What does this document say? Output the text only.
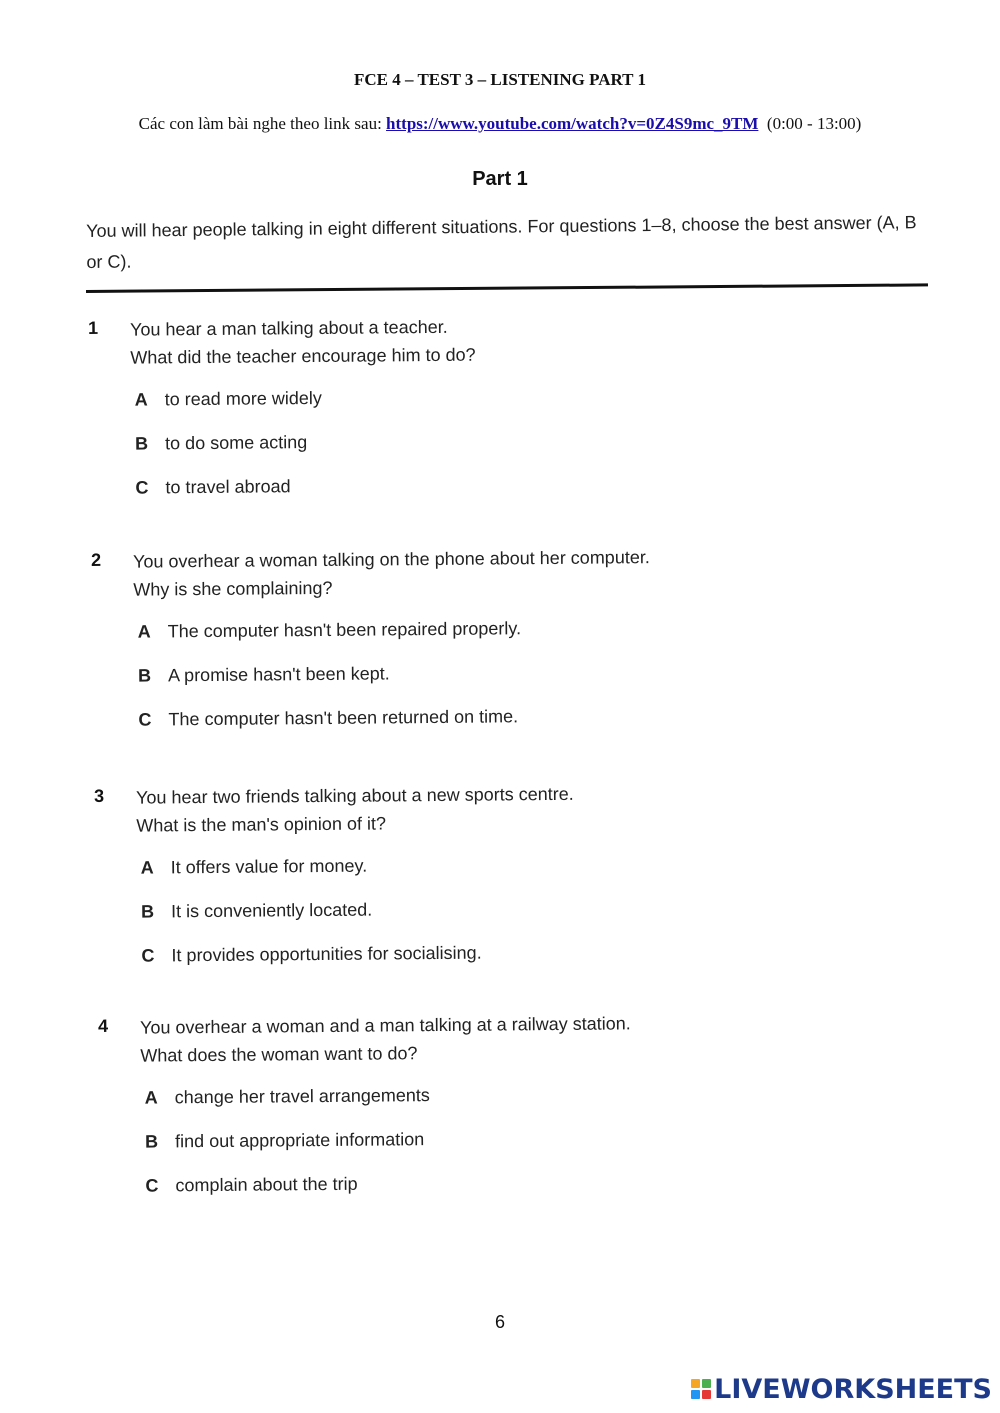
FCE 4 – TEST 3 – LISTENING PART 1
Các con làm bài nghe theo link sau: https://www.youtube.com/watch?v=0Z4S9mc_9TM (0:00 - 13:00)
Part 1
You will hear people talking in eight different situations. For questions 1–8, choose the best answer (A, B or C).
1 You hear a man talking about a teacher.
What did the teacher encourage him to do?
A to read more widely
B to do some acting
C to travel abroad
2 You overhear a woman talking on the phone about her computer.
Why is she complaining?
A The computer hasn't been repaired properly.
B A promise hasn't been kept.
C The computer hasn't been returned on time.
3 You hear two friends talking about a new sports centre.
What is the man's opinion of it?
A It offers value for money.
B It is conveniently located.
C It provides opportunities for socialising.
4 You overhear a woman and a man talking at a railway station.
What does the woman want to do?
A change her travel arrangements
B find out appropriate information
C complain about the trip
6
LIVEWORKSHEETS
